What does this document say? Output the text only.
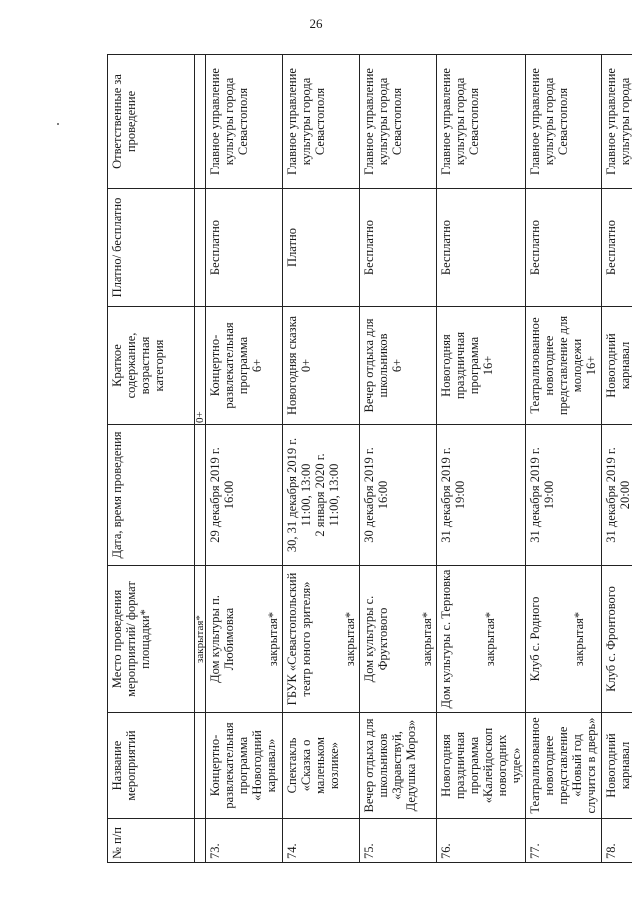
26
№ п/п	Название мероприятий	Место проведения мероприятий/ формат площадки*	Дата, время проведения	Краткое содержание, возрастная категория	Платно/ бесплатно	Ответственные за проведение
		закрытая*		0+		

73.	Концертно-развлекательная программа «Новогодний карнавал»	Дом культуры п. Любимовка закрытая*	29 декабря 2019 г. 16:00	Концертно-развлекательная программа 6+	Бесплатно	Главное управление культуры города Севастополя

74.	Спектакль «Сказка о маленьком козлике»	ГБУК «Севастопольский театр юного зрителя» закрытая*	30, 31 декабря 2019 г. 11:00, 13:00 2 января 2020 г. 11:00, 13:00	Новогодняя сказка 0+	Платно	Главное управление культуры города Севастополя

75.	Вечер отдыха для школьников «Здравствуй, Дедушка Мороз»	Дом культуры с. Фруктового закрытая*	30 декабря 2019 г. 16:00	Вечер отдыха для школьников 6+	Бесплатно	Главное управление культуры города Севастополя

76.	Новогодняя праздничная программа «Калейдоскоп новогодних чудес»	Дом культуры с. Терновка закрытая*	31 декабря 2019 г. 19:00	Новогодняя праздничная программа 16+	Бесплатно	Главное управление культуры города Севастополя

77.	Театрализованное новогоднее представление «Новый год случится в дверь»	Клуб с. Родного закрытая*	31 декабря 2019 г. 19:00	Театрализованное новогоднее представление для молодежи 16+	Бесплатно	Главное управление культуры города Севастополя

78.	Новогодний карнавал	Клуб с. Фронтового	31 декабря 2019 г. 20:00	Новогодний карнавал	Бесплатно	Главное управление культуры города
